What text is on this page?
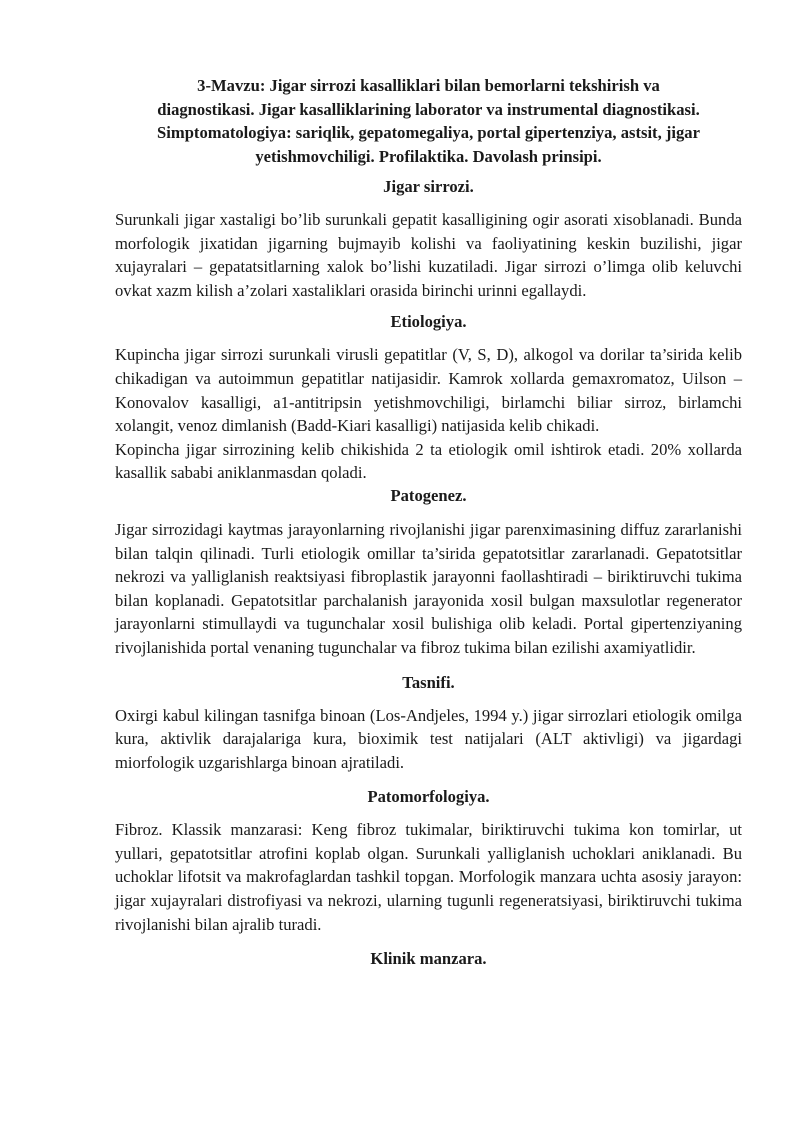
3-Mavzu: Jigar sirrozi kasalliklari bilan bemorlarni tekshirish va
diagnostikasi. Jigar kasalliklarining laborator va instrumental diagnostikasi.
Simptomatologiya: sariqlik, gepatomegaliya, portal gipertenziya, astsit, jigar
yetishmovchiligi. Profilaktika. Davolash prinsipi.
Jigar sirrozi.

Surunkali jigar xastaligi bo’lib surunkali gepatit kasalligining ogir asorati xisoblanadi. Bunda morfologik jixatidan jigarning bujmayib kolishi va faoliyatining keskin buzilishi, jigar xujayralari – gepatatsitlarning xalok bo’lishi kuzatiladi. Jigar sirrozi o’limga olib keluvchi ovkat xazm kilish a’zolari xastaliklari orasida birinchi urinni egallaydi.

Etiologiya.

Kupincha jigar sirrozi surunkali virusli gepatitlar (V, S, D), alkogol va dorilar ta’sirida kelib chikadigan va autoimmun gepatitlar natijasidir. Kamrok xollarda gemaxromatoz, Uilson – Konovalov kasalligi, a1-antitripsin yetishmovchiligi, birlamchi biliar sirroz, birlamchi xolangit, venoz dimlanish (Badd-Kiari kasalligi) natijasida kelib chikadi.

Kopincha jigar sirrozining kelib chikishida 2 ta etiologik omil ishtirok etadi. 20% xollarda kasallik sababi aniklanmasdan qoladi.

Patogenez.

Jigar sirrozidagi kaytmas jarayonlarning rivojlanishi jigar parenximasining diffuz zararlanishi bilan talqin qilinadi. Turli etiologik omillar ta’sirida gepatotsitlar zararlanadi. Gepatotsitlar nekrozi va yalliglanish reaktsiyasi fibroplastik jarayonni faollashtiradi – biriktiruvchi tukima bilan koplanadi. Gepatotsitlar parchalanish jarayonida xosil bulgan maxsulotlar regenerator jarayonlarni stimullaydi va tugunchalar xosil bulishiga olib keladi. Portal gipertenziyaning rivojlanishida portal venaning tugunchalar va fibroz tukima bilan ezilishi axamiyatlidir.

Tasnifi.

Oxirgi kabul kilingan tasnifga binoan (Los-Andjeles, 1994 y.) jigar sirrozlari etiologik omilga kura, aktivlik darajalariga kura, bioximik test natijalari (ALT aktivligi) va jigardagi miorfologik uzgarishlarga binoan ajratiladi.

Patomorfologiya.

Fibroz. Klassik manzarasi: Keng fibroz tukimalar, biriktiruvchi tukima kon tomirlar, ut yullari, gepatotsitlar atrofini koplab olgan. Surunkali yalliglanish uchoklari aniklanadi. Bu uchoklar lifotsit va makrofaglardan tashkil topgan. Morfologik manzara uchta asosiy jarayon: jigar xujayralari distrofiyasi va nekrozi, ularning tugunli regeneratsiyasi, biriktiruvchi tukima rivojlanishi bilan ajralib turadi.

Klinik manzara.
